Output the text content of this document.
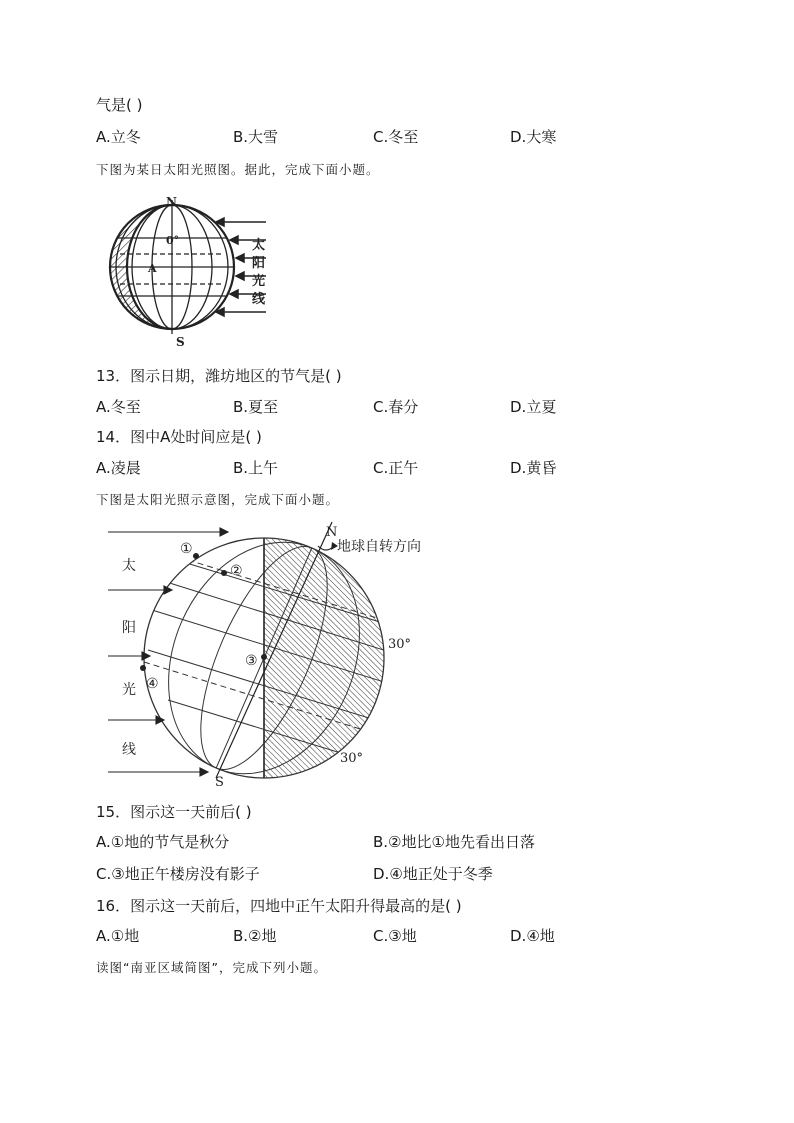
气是( )
A.立冬	B.大雪	C.冬至	D.大寒
下图为某日太阳光照图。据此，完成下面小题。
N
S
0°
A
太
阳
光
线
13．图示日期，潍坊地区的节气是( )
A.冬至	B.夏至	C.春分	D.立夏
14．图中A处时间应是( )
A.凌晨	B.上午	C.正午	D.黄昏
下图是太阳光照示意图，完成下面小题。
N
S
地球自转方向
30°
30°
太
阳
光
线
①
②
③
④
15．图示这一天前后( )
A.①地的节气是秋分	B.②地比①地先看出日落
C.③地正午楼房没有影子	D.④地正处于冬季
16．图示这一天前后，四地中正午太阳升得最高的是( )
A.①地	B.②地	C.③地	D.④地
读图“南亚区域简图”，完成下列小题。
